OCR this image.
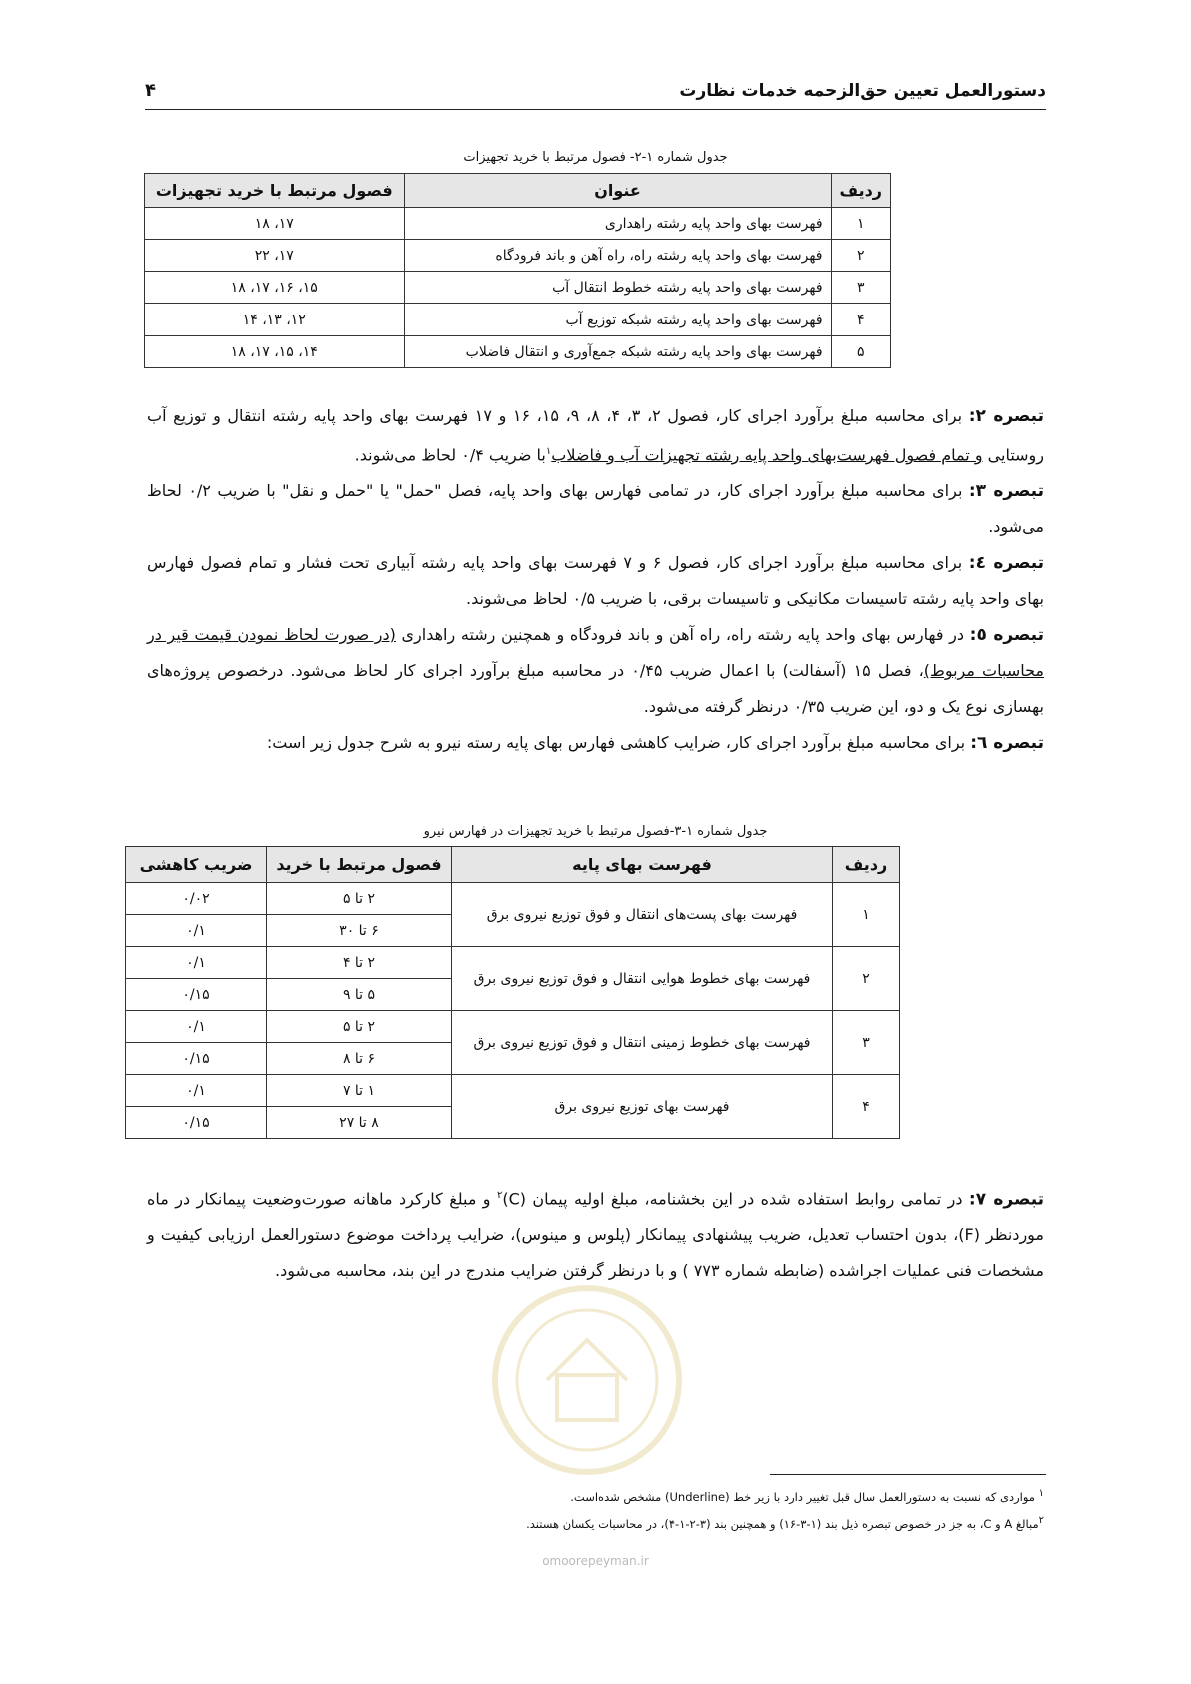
دستورالعمل تعیین حق‌الزحمه خدمات نظارت
۴
جدول شماره ۱-۲- فصول مرتبط با خرید تجهیزات
ردیف	عنوان	فصول مرتبط با خرید تجهیزات
۱	فهرست بهای واحد پایه رشته راهداری	۱۷، ۱۸
۲	فهرست بهای واحد پایه رشته راه، راه آهن و باند فرودگاه	۱۷، ۲۲
۳	فهرست بهای واحد پایه رشته خطوط انتقال آب	۱۵، ۱۶، ۱۷، ۱۸
۴	فهرست بهای واحد پایه رشته شبکه توزیع آب	۱۲، ۱۳، ۱۴
۵	فهرست بهای واحد پایه رشته شبکه جمع‌آوری و انتقال فاضلاب	۱۴، ۱۵، ۱۷، ۱۸

تبصره ۲: برای محاسبه مبلغ برآورد اجرای کار، فصول ۲، ۳، ۴، ۸، ۹، ۱۵، ۱۶ و ۱۷ فهرست بهای واحد پایه رشته انتقال و توزیع آب روستایی و تمام فصول فهرست‌بهای واحد پایه رشته تجهیزات آب و فاضلاب$^۱$با ضریب ۰/۴ لحاظ می‌شوند.

تبصره ۳: برای محاسبه مبلغ برآورد اجرای کار، در تمامی فهارس بهای واحد پایه، فصل "حمل" یا "حمل و نقل" با ضریب ۰/۲ لحاظ می‌شود.

تبصره ٤: برای محاسبه مبلغ برآورد اجرای کار، فصول ۶ و ۷ فهرست بهای واحد پایه رشته آبیاری تحت فشار و تمام فصول فهارس بهای واحد پایه رشته تاسیسات مکانیکی و تاسیسات برقی، با ضریب ۰/۵ لحاظ می‌شوند.

تبصره ٥: در فهارس بهای واحد پایه رشته راه، راه آهن و باند فرودگاه و همچنین رشته راهداری (در صورت لحاظ نمودن قیمت قیر در محاسبات مربوط)، فصل ۱۵ (آسفالت) با اعمال ضریب ۰/۴۵ در محاسبه مبلغ برآورد اجرای کار لحاظ می‌شود. درخصوص پروژه‌های بهسازی نوع یک و دو، این ضریب ۰/۳۵ درنظر گرفته می‌شود.

تبصره ٦: برای محاسبه مبلغ برآورد اجرای کار، ضرایب کاهشی فهارس بهای پایه رسته نیرو به شرح جدول زیر است:

جدول شماره ۱-۳-فصول مرتبط با خرید تجهیزات در فهارس نیرو
ردیف	فهرست بهای پایه	فصول مرتبط با خرید	ضریب کاهشی
۱	فهرست بهای پست‌های انتقال و فوق توزیع نیروی برق	۲ تا ۵	۰/۰۲
		۶ تا ۳۰	۰/۱
۲	فهرست بهای خطوط هوایی انتقال و فوق توزیع نیروی برق	۲ تا ۴	۰/۱
		۵ تا ۹	۰/۱۵
۳	فهرست بهای خطوط زمینی انتقال و فوق توزیع نیروی برق	۲ تا ۵	۰/۱
		۶ تا ۸	۰/۱۵
۴	فهرست بهای توزیع نیروی برق	۱ تا ۷	۰/۱
		۸ تا ۲۷	۰/۱۵

تبصره ۷: در تمامی روابط استفاده شده در این بخشنامه، مبلغ اولیه پیمان $(C)^۲$ و مبلغ کارکرد ماهانه صورت‌وضعیت پیمانکار در ماه موردنظر (F)، بدون احتساب تعدیل، ضریب پیشنهادی پیمانکار (پلوس و مینوس)، ضرایب پرداخت موضوع دستورالعمل ارزیابی کیفیت و مشخصات فنی عملیات اجراشده (ضابطه شماره ۷۷۳ ) و با درنظر گرفتن ضرایب مندرج در این بند، محاسبه می‌شود.

$^۱$ مواردی که نسبت به دستورالعمل سال قبل تغییر دارد با زیر خط (Underline) مشخص شده‌است.

$^۲$مبالغ A و C، به جز در خصوص تبصره ذیل بند (۱-۳-۱۶) و همچنین بند (۳-۲-۱-۴)، در محاسبات یکسان هستند.

omoorepeyman.ir
